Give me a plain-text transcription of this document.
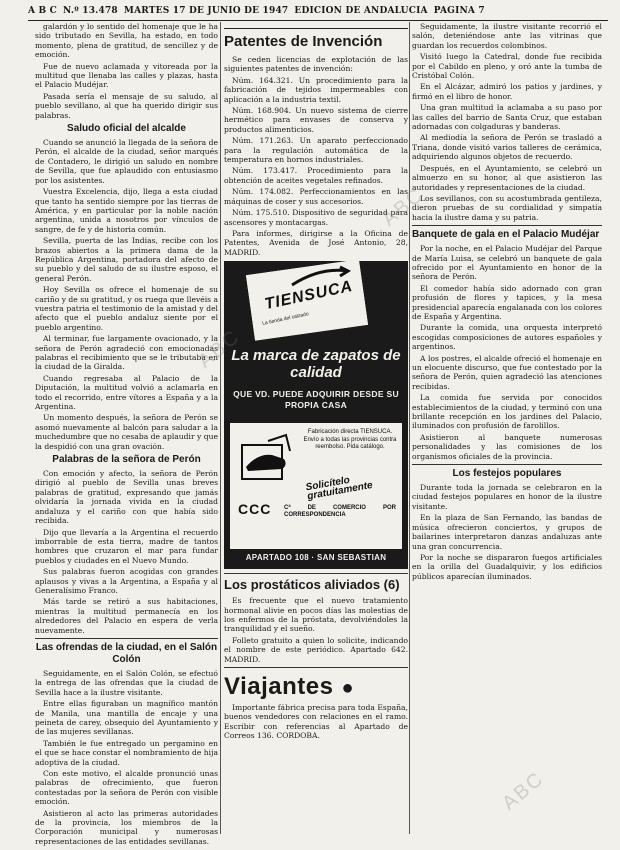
A B C N.º 13.478 MARTES 17 DE JUNIO DE 1947 EDICION DE ANDALUCIA PAGINA 7

galardón y lo sentido del homenaje que le ha sido tributado en Sevilla, ha estado, en todo momento, plena de gratitud, de sencillez y de emoción.

Fue de nuevo aclamada y vitoreada por la multitud que llenaba las calles y plazas, hasta el Palacio Mudéjar.

Pasada sería el mensaje de su saludo, al pueblo sevillano, al que ha querido dirigir sus palabras.

Saludo oficial del alcalde

Cuando se anunció la llegada de la señora de Perón, el alcalde de la ciudad, señor marqués de Contadero, le dirigió un saludo en nombre de Sevilla, que fue aplaudido con entusiasmo por los asistentes.

Vuestra Excelencia, dijo, llega a esta ciudad que tanto ha sentido siempre por las tierras de América, y en particular por la noble nación argentina, unida a nosotros por vínculos de sangre, de fe y de historia común.

Sevilla, puerta de las Indias, recibe con los brazos abiertos a la primera dama de la República Argentina, portadora del afecto de su pueblo y del saludo de su ilustre esposo, el general Perón.

Hoy Sevilla os ofrece el homenaje de su cariño y de su gratitud, y os ruega que llevéis a vuestra patria el testimonio de la amistad y del afecto que el pueblo andaluz siente por el pueblo argentino.

Al terminar, fue largamente ovacionado, y la señora de Perón agradeció con emocionadas palabras el recibimiento que se le tributaba en la ciudad de la Giralda.

Cuando regresaba al Palacio de la Diputación, la multitud volvió a aclamarla en todo el recorrido, entre vítores a España y a la Argentina.

Un momento después, la señora de Perón se asomó nuevamente al balcón para saludar a la muchedumbre que no cesaba de aplaudir y que la despidió con una gran ovación.

Palabras de la señora de Perón

Con emoción y afecto, la señora de Perón dirigió al pueblo de Sevilla unas breves palabras de gratitud, expresando que jamás olvidaría la jornada vivida en la ciudad andaluza y el cariño con que había sido recibida.

Dijo que llevaría a la Argentina el recuerdo imborrable de esta tierra, madre de tantos hombres que cruzaron el mar para fundar pueblos y ciudades en el Nuevo Mundo.

Sus palabras fueron acogidas con grandes aplausos y vivas a la Argentina, a España y al Generalísimo Franco.

Más tarde se retiró a sus habitaciones, mientras la multitud permanecía en los alrededores del Palacio en espera de verla nuevamente.

Las ofrendas de la ciudad, en el Salón Colón

Seguidamente, en el Salón Colón, se efectuó la entrega de las ofrendas que la ciudad de Sevilla hace a la ilustre visitante.

Entre ellas figuraban un magnífico mantón de Manila, una mantilla de encaje y una peineta de carey, obsequio del Ayuntamiento y de las mujeres sevillanas.

También le fue entregado un pergamino en el que se hace constar el nombramiento de hija adoptiva de la ciudad.

Con este motivo, el alcalde pronunció unas palabras de ofrecimiento, que fueron contestadas por la señora de Perón con visible emoción.

Asistieron al acto las primeras autoridades de la provincia, los miembros de la Corporación municipal y numerosas representaciones de las entidades sevillanas.

Patentes de Invención

Se ceden licencias de explotación de las siguientes patentes de invención:

Núm. 164.321. Un procedimiento para la fabricación de tejidos impermeables con aplicación a la industria textil.

Núm. 168.904. Un nuevo sistema de cierre hermético para envases de conserva y productos alimenticios.

Núm. 171.263. Un aparato perfeccionado para la regulación automática de la temperatura en hornos industriales.

Núm. 173.417. Procedimiento para la obtención de aceites vegetales refinados.

Núm. 174.082. Perfeccionamientos en las máquinas de coser y sus accesorios.

Núm. 175.510. Dispositivo de seguridad para ascensores y montacargas.

Para informes, dirigirse a la Oficina de Patentes, Avenida de José Antonio, 28, MADRID.

TIENSUCA
La tienda del calzado
La marca de zapatos de calidad
QUE VD. PUEDE ADQUIRIR DESDE SU PROPIA CASA
Fabricación directa TIENSUCA. Envío a todas las provincias contra reembolso. Pida catálogo.
Solicítelo gratuitamente
CCC Cª DE COMERCIO POR CORRESPONDENCIA
APARTADO 108 · SAN SEBASTIAN
Los prostáticos aliviados (6)

Es frecuente que el nuevo tratamiento hormonal alivie en pocos días las molestias de los enfermos de la próstata, devolviéndoles la tranquilidad y el sueño.

Folleto gratuito a quien lo solicite, indicando el nombre de este periódico. Apartado 642. MADRID.

Viajantes ●

Importante fábrica precisa para toda España, buenos vendedores con relaciones en el ramo. Escribir con referencias al Apartado de Correos 136. CORDOBA.

Seguidamente, la ilustre visitante recorrió el salón, deteniéndose ante las vitrinas que guardan los recuerdos colombinos.

Visitó luego la Catedral, donde fue recibida por el Cabildo en pleno, y oró ante la tumba de Cristóbal Colón.

En el Alcázar, admiró los patios y jardines, y firmó en el libro de honor.

Una gran multitud la aclamaba a su paso por las calles del barrio de Santa Cruz, que estaban adornadas con colgaduras y banderas.

Al mediodía la señora de Perón se trasladó a Triana, donde visitó varios talleres de cerámica, adquiriendo algunos objetos de recuerdo.

Después, en el Ayuntamiento, se celebró un almuerzo en su honor, al que asistieron las autoridades y representaciones de la ciudad.

Los sevillanos, con su acostumbrada gentileza, dieron pruebas de su cordialidad y simpatía hacia la ilustre dama y su patria.

Banquete de gala en el Palacio Mudéjar

Por la noche, en el Palacio Mudéjar del Parque de María Luisa, se celebró un banquete de gala ofrecido por el Ayuntamiento en honor de la señora de Perón.

El comedor había sido adornado con gran profusión de flores y tapices, y la mesa presidencial aparecía engalanada con los colores de España y Argentina.

Durante la comida, una orquesta interpretó escogidas composiciones de autores españoles y argentinos.

A los postres, el alcalde ofreció el homenaje en un elocuente discurso, que fue contestado por la señora de Perón, quien agradeció las atenciones recibidas.

La comida fue servida por conocidos establecimientos de la ciudad, y terminó con una brillante recepción en los jardines del Palacio, iluminados con profusión de farolillos.

Asistieron al banquete numerosas personalidades y las comisiones de los organismos oficiales de la provincia.

Los festejos populares

Durante toda la jornada se celebraron en la ciudad festejos populares en honor de la ilustre visitante.

En la plaza de San Fernando, las bandas de música ofrecieron conciertos, y grupos de bailarines interpretaron danzas andaluzas ante una gran concurrencia.

Por la noche se dispararon fuegos artificiales en la orilla del Guadalquivir, y los edificios públicos aparecían iluminados.

ABC
ABC
ABC
